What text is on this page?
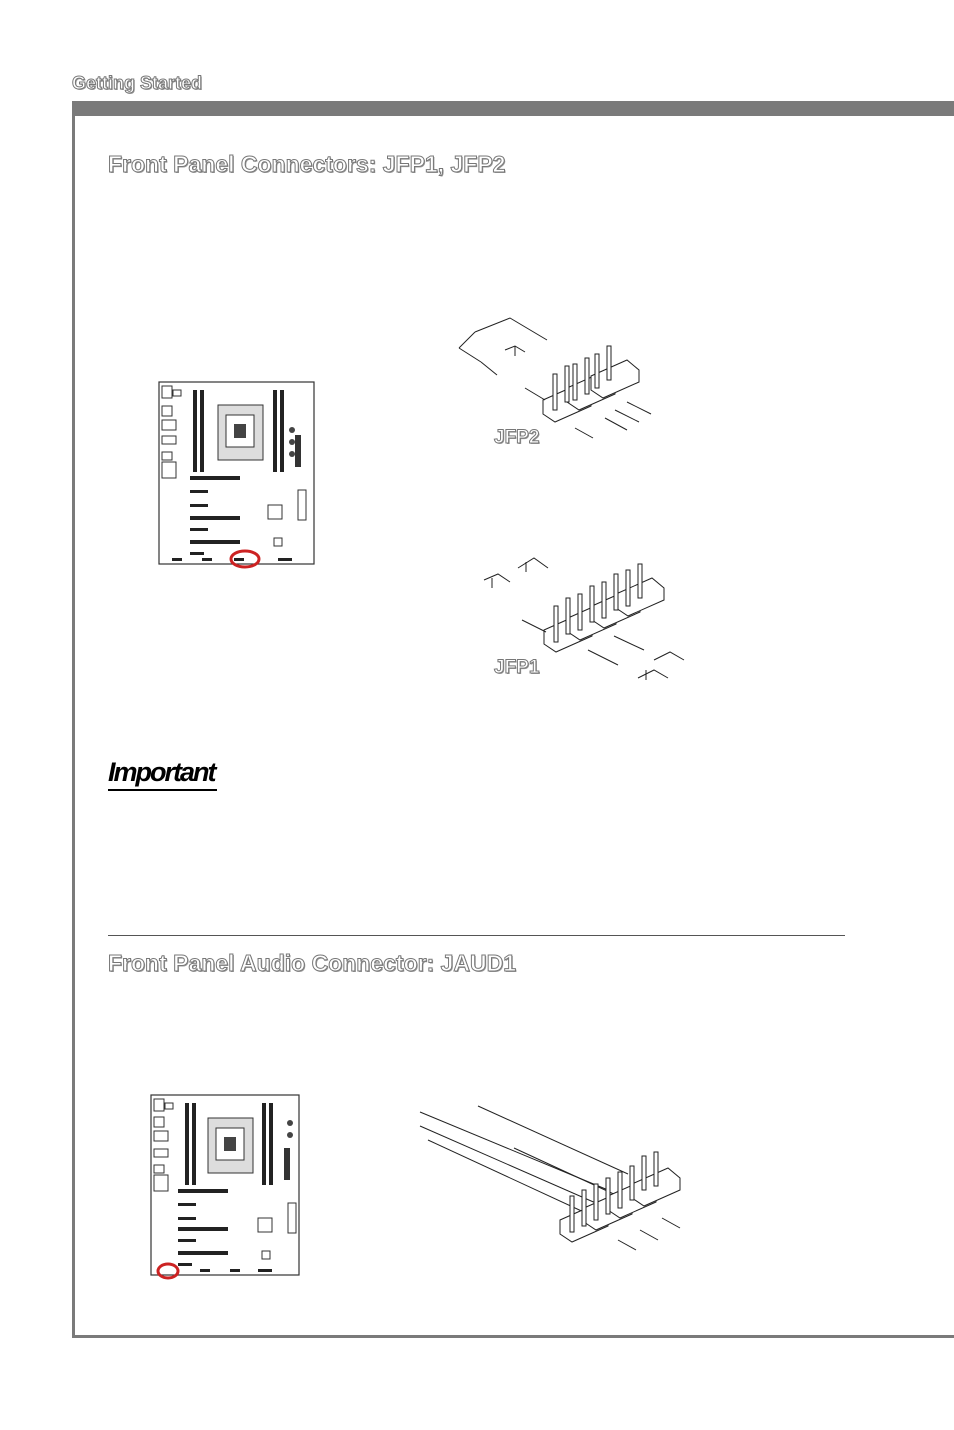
Getting Started
Front Panel Connectors: JFP1, JFP2
JFP2
JFP1
Important
Front Panel Audio Connector: JAUD1
